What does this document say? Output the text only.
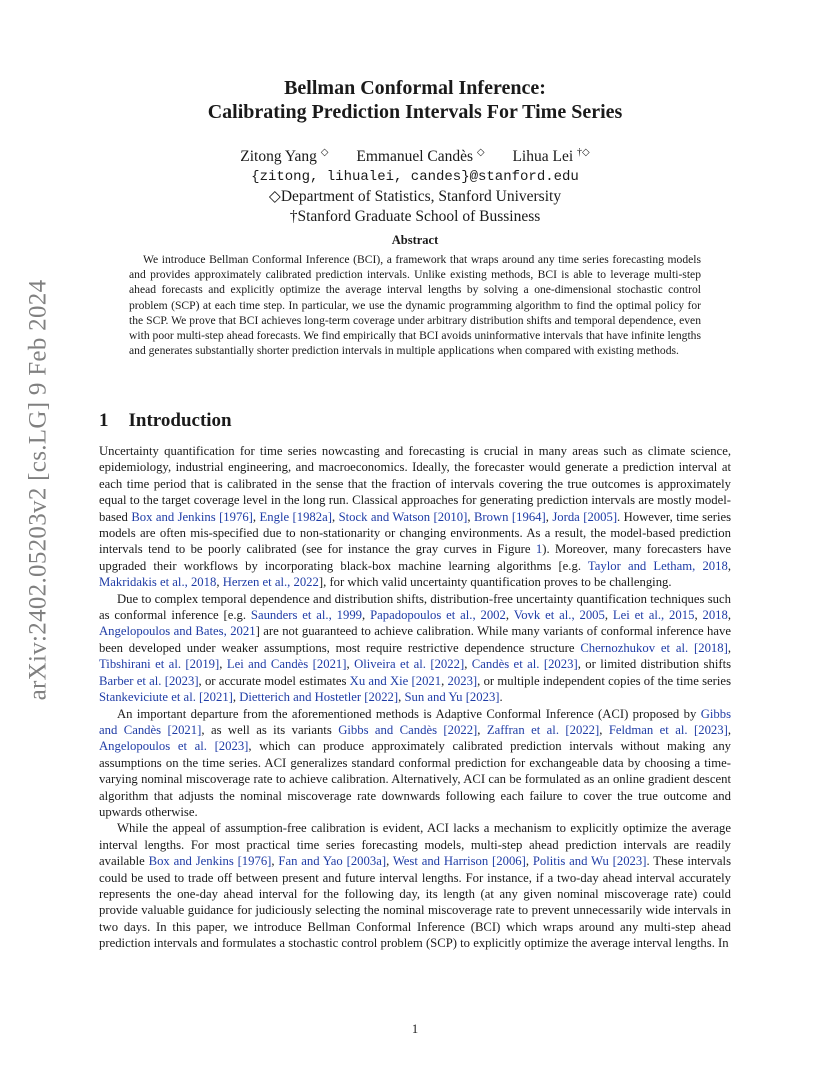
arXiv:2402.05203v2 [cs.LG] 9 Feb 2024
Bellman Conformal Inference:
Calibrating Prediction Intervals For Time Series
Zitong Yang ◇ Emmanuel Candès ◇ Lihua Lei †◇
{zitong, lihualei, candes}@stanford.edu
◇Department of Statistics, Stanford University
†Stanford Graduate School of Bussiness
Abstract
We introduce Bellman Conformal Inference (BCI), a framework that wraps around any time series forecasting models and provides approximately calibrated prediction intervals. Unlike existing methods, BCI is able to leverage multi-step ahead forecasts and explicitly optimize the average interval lengths by solving a one-dimensional stochastic control problem (SCP) at each time step. In particular, we use the dynamic programming algorithm to find the optimal policy for the SCP. We prove that BCI achieves long-term coverage under arbitrary distribution shifts and temporal dependence, even with poor multi-step ahead forecasts. We find empirically that BCI avoids uninformative intervals that have infinite lengths and generates substantially shorter prediction intervals in multiple applications when compared with existing methods.
1 Introduction

Uncertainty quantification for time series nowcasting and forecasting is crucial in many areas such as climate science, epidemiology, industrial engineering, and macroeconomics. Ideally, the forecaster would generate a prediction interval at each time period that is calibrated in the sense that the fraction of intervals covering the true outcomes is approximately equal to the target coverage level in the long run. Classical approaches for generating prediction intervals are mostly model-based Box and Jenkins [1976], Engle [1982a], Stock and Watson [2010], Brown [1964], Jorda [2005]. However, time series models are often mis-specified due to non-stationarity or changing environments. As a result, the model-based prediction intervals tend to be poorly calibrated (see for instance the gray curves in Figure 1). Moreover, many forecasters have upgraded their workflows by incorporating black-box machine learning algorithms [e.g. Taylor and Letham, 2018, Makridakis et al., 2018, Herzen et al., 2022], for which valid uncertainty quantification proves to be challenging.

Due to complex temporal dependence and distribution shifts, distribution-free uncertainty quantification techniques such as conformal inference [e.g. Saunders et al., 1999, Papadopoulos et al., 2002, Vovk et al., 2005, Lei et al., 2015, 2018, Angelopoulos and Bates, 2021] are not guaranteed to achieve calibration. While many variants of conformal inference have been developed under weaker assumptions, most require restrictive dependence structure Chernozhukov et al. [2018], Tibshirani et al. [2019], Lei and Candès [2021], Oliveira et al. [2022], Candès et al. [2023], or limited distribution shifts Barber et al. [2023], or accurate model estimates Xu and Xie [2021, 2023], or multiple independent copies of the time series Stankeviciute et al. [2021], Dietterich and Hostetler [2022], Sun and Yu [2023].

An important departure from the aforementioned methods is Adaptive Conformal Inference (ACI) proposed by Gibbs and Candès [2021], as well as its variants Gibbs and Candès [2022], Zaffran et al. [2022], Feldman et al. [2023], Angelopoulos et al. [2023], which can produce approximately calibrated prediction intervals without making any assumptions on the time series. ACI generalizes standard conformal prediction for exchangeable data by choosing a time-varying nominal miscoverage rate to achieve calibration. Alternatively, ACI can be formulated as an online gradient descent algorithm that adjusts the nominal miscoverage rate downwards following each failure to cover the true outcome and upwards otherwise.

While the appeal of assumption-free calibration is evident, ACI lacks a mechanism to explicitly optimize the average interval lengths. For most practical time series forecasting models, multi-step ahead prediction intervals are readily available Box and Jenkins [1976], Fan and Yao [2003a], West and Harrison [2006], Politis and Wu [2023]. These intervals could be used to trade off between present and future interval lengths. For instance, if a two-day ahead interval accurately represents the one-day ahead interval for the following day, its length (at any given nominal miscoverage rate) could provide valuable guidance for judiciously selecting the nominal miscoverage rate to prevent unnecessarily wide intervals in two days. In this paper, we introduce Bellman Conformal Inference (BCI) which wraps around any multi-step ahead prediction intervals and formulates a stochastic control problem (SCP) to explicitly optimize the average interval lengths. In

1
